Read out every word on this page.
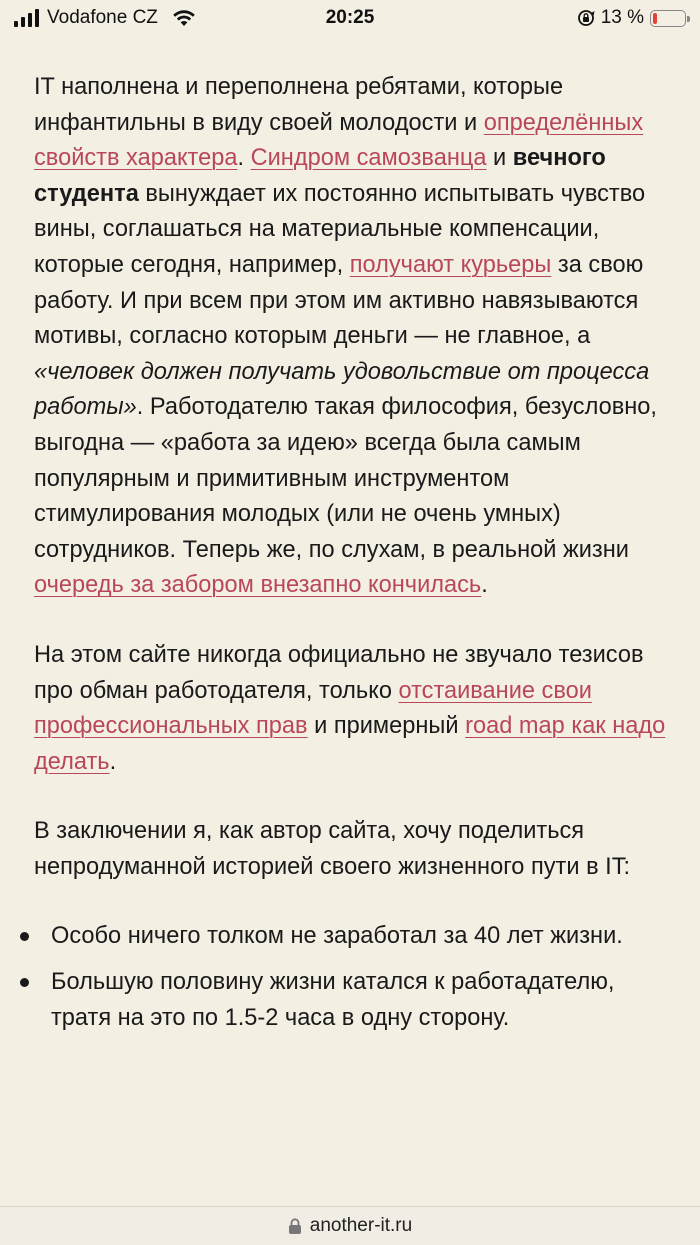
Vodafone CZ	20:25	13 %

IT наполнена и переполнена ребятами, которые инфантильны в виду своей молодости и определённых свойств характера. Синдром самозванца и вечного студента вынуждает их постоянно испытывать чувство вины, соглашаться на материальные компенсации, которые сегодня, например, получают курьеры за свою работу. И при всем при этом им активно навязываются мотивы, согласно которым деньги — не главное, а «человек должен получать удовольствие от процесса работы». Работодателю такая философия, безусловно, выгодна — «работа за идею» всегда была самым популярным и примитивным инструментом стимулирования молодых (или не очень умных) сотрудников. Теперь же, по слухам, в реальной жизни очередь за забором внезапно кончилась.

На этом сайте никогда официально не звучало тезисов про обман работодателя, только отстаивание свои профессиональных прав и примерный road map как надо делать.

В заключении я, как автор сайта, хочу поделиться непродуманной историей своего жизненного пути в IT:

Особо ничего толком не заработал за 40 лет жизни.
Большую половину жизни катался к работадателю, тратя на это по 1.5-2 часа в одну сторону.
another-it.ru
